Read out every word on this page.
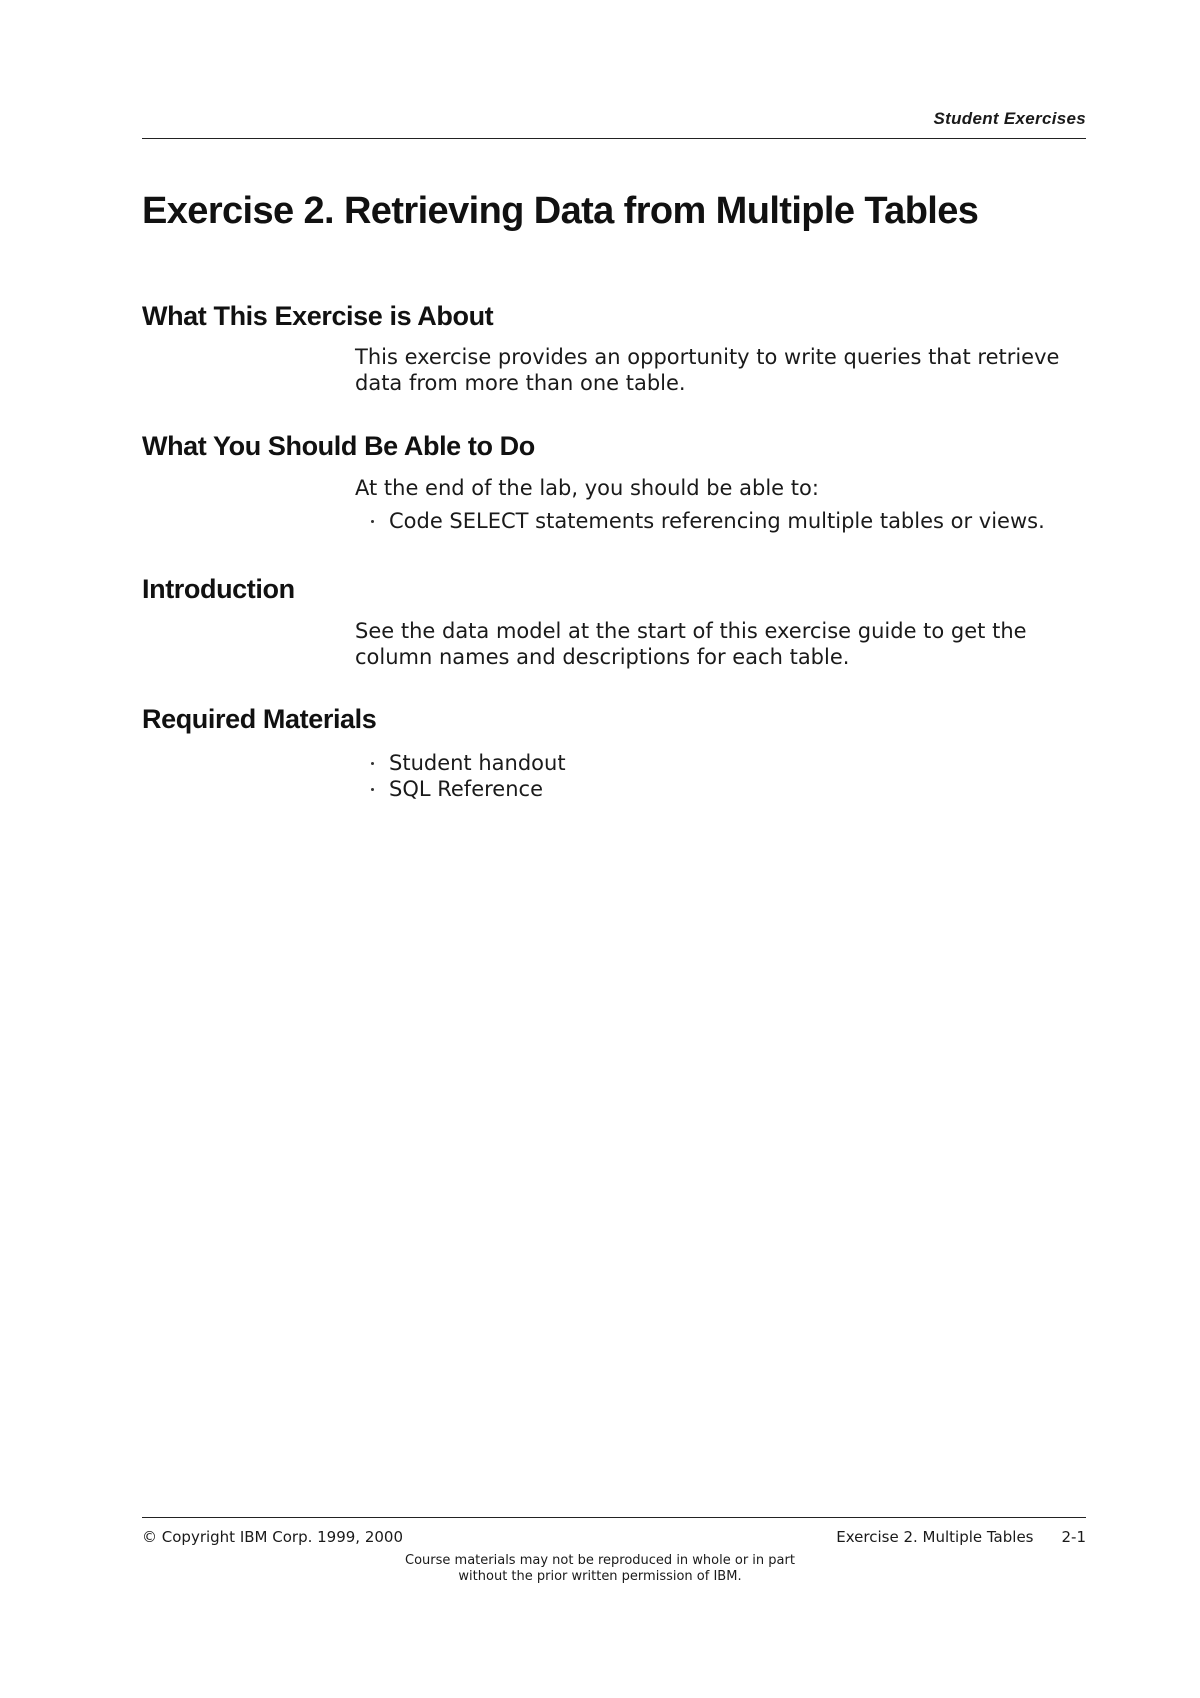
Student Exercises
Exercise 2. Retrieving Data from Multiple Tables
What This Exercise is About

This exercise provides an opportunity to write queries that retrieve data from more than one table.

What You Should Be Able to Do

At the end of the lab, you should be able to:

Code SELECT statements referencing multiple tables or views.
Introduction

See the data model at the start of this exercise guide to get the column names and descriptions for each table.

Required Materials
Student handout
SQL Reference
© Copyright IBM Corp. 1999, 2000	Exercise 2. Multiple Tables 2-1
Course materials may not be reproduced in whole or in part
without the prior written permission of IBM.
